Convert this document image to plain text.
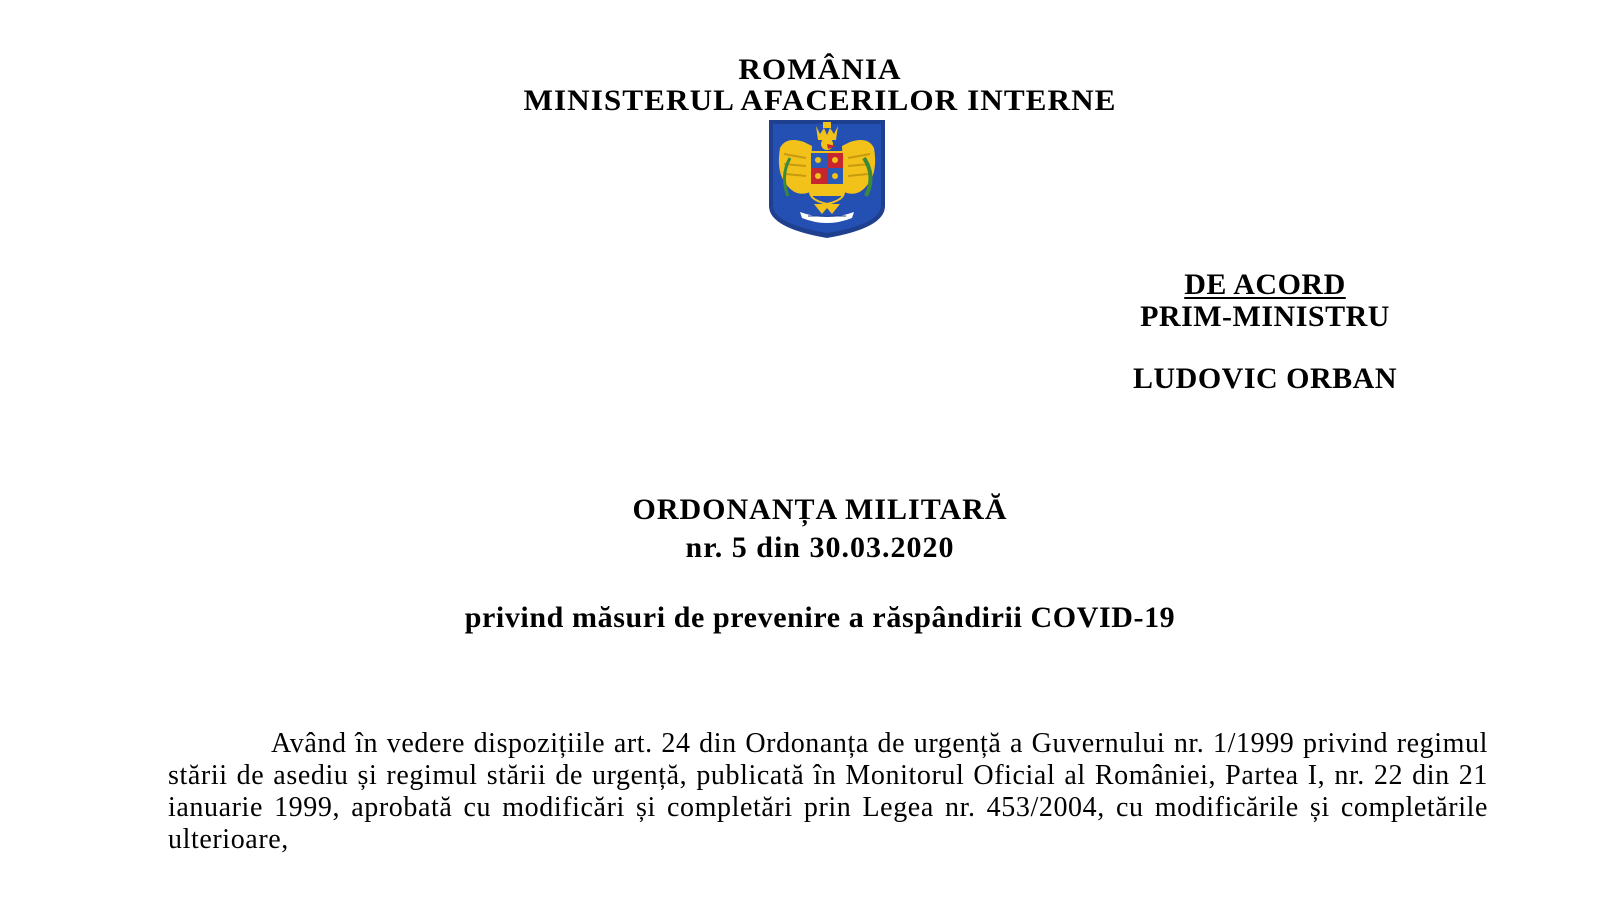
ROMÂNIA
MINISTERUL AFACERILOR INTERNE
DE ACORD
PRIM-MINISTRU
LUDOVIC ORBAN
ORDONANȚA MILITARĂ
nr. 5 din 30.03.2020
privind măsuri de prevenire a răspândirii COVID-19
Având în vedere dispozițiile art. 24 din Ordonanța de urgență a Guvernului nr. 1/1999 privind regimul stării de asediu și regimul stării de urgență, publicată în Monitorul Oficial al României, Partea I, nr. 22 din 21 ianuarie 1999, aprobată cu modificări și completări prin Legea nr. 453/2004, cu modificările și completările ulterioare,
